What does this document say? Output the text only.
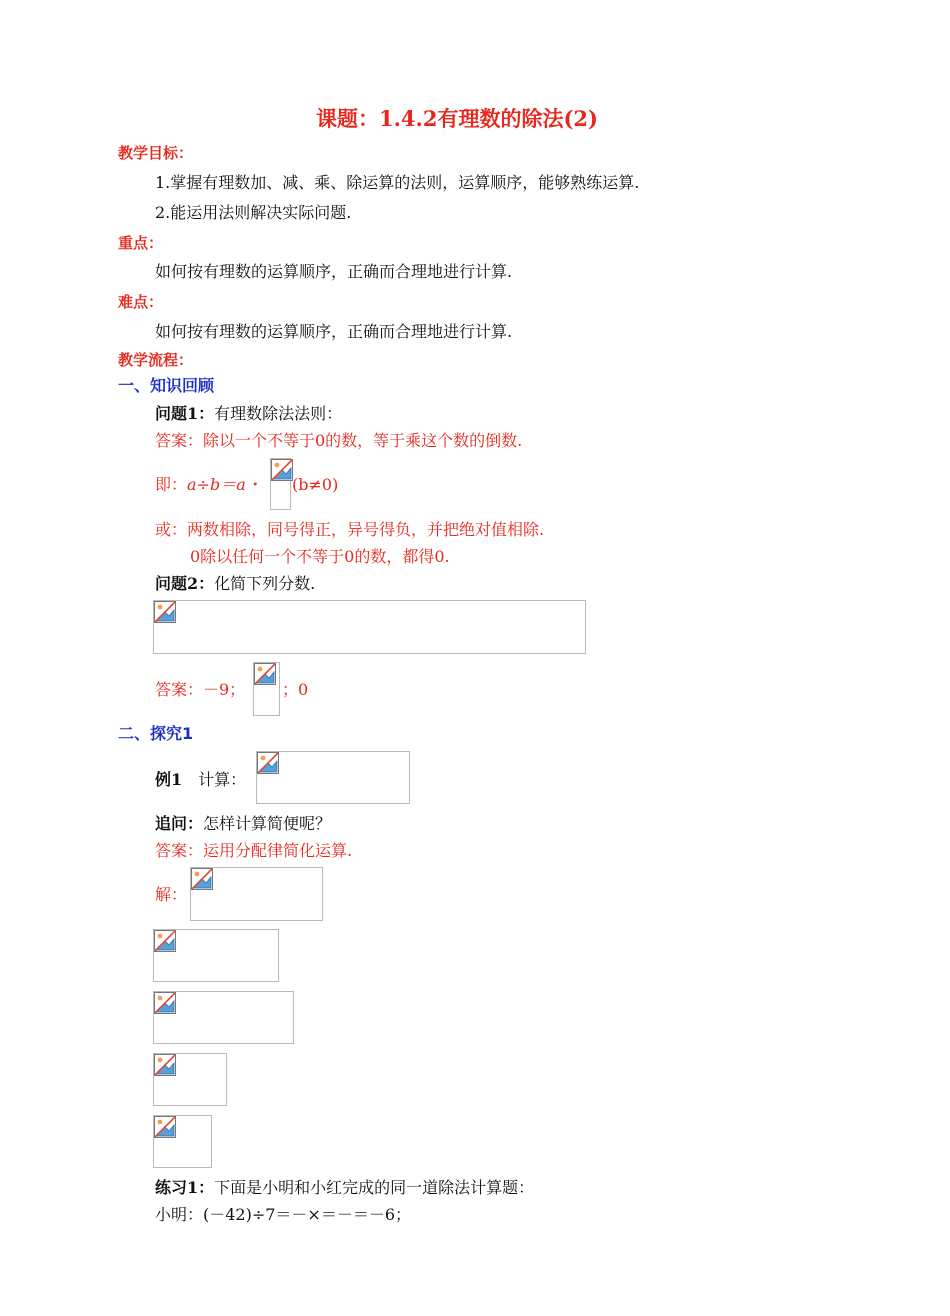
课题：1.4.2有理数的除法(2)
教学目标：
1.掌握有理数加、减、乘、除运算的法则，运算顺序，能够熟练运算.
2.能运用法则解决实际问题.
重点：
如何按有理数的运算顺序，正确而合理地进行计算.
难点：
如何按有理数的运算顺序，正确而合理地进行计算.
教学流程：
一、知识回顾
问题1：有理数除法法则：
答案：除以一个不等于0的数，等于乘这个数的倒数.
即：a÷b＝a・ (b≠0)
或：两数相除，同号得正，异号得负，并把绝对值相除.
0除以任何一个不等于0的数，都得0.
问题2：化简下列分数.
答案：－9； ；0
二、探究1
例1 计算：
追问：怎样计算简便呢？
答案：运用分配律简化运算.
解：
练习1：下面是小明和小红完成的同一道除法计算题：
小明：(－42)÷7＝－×＝－＝－6；
